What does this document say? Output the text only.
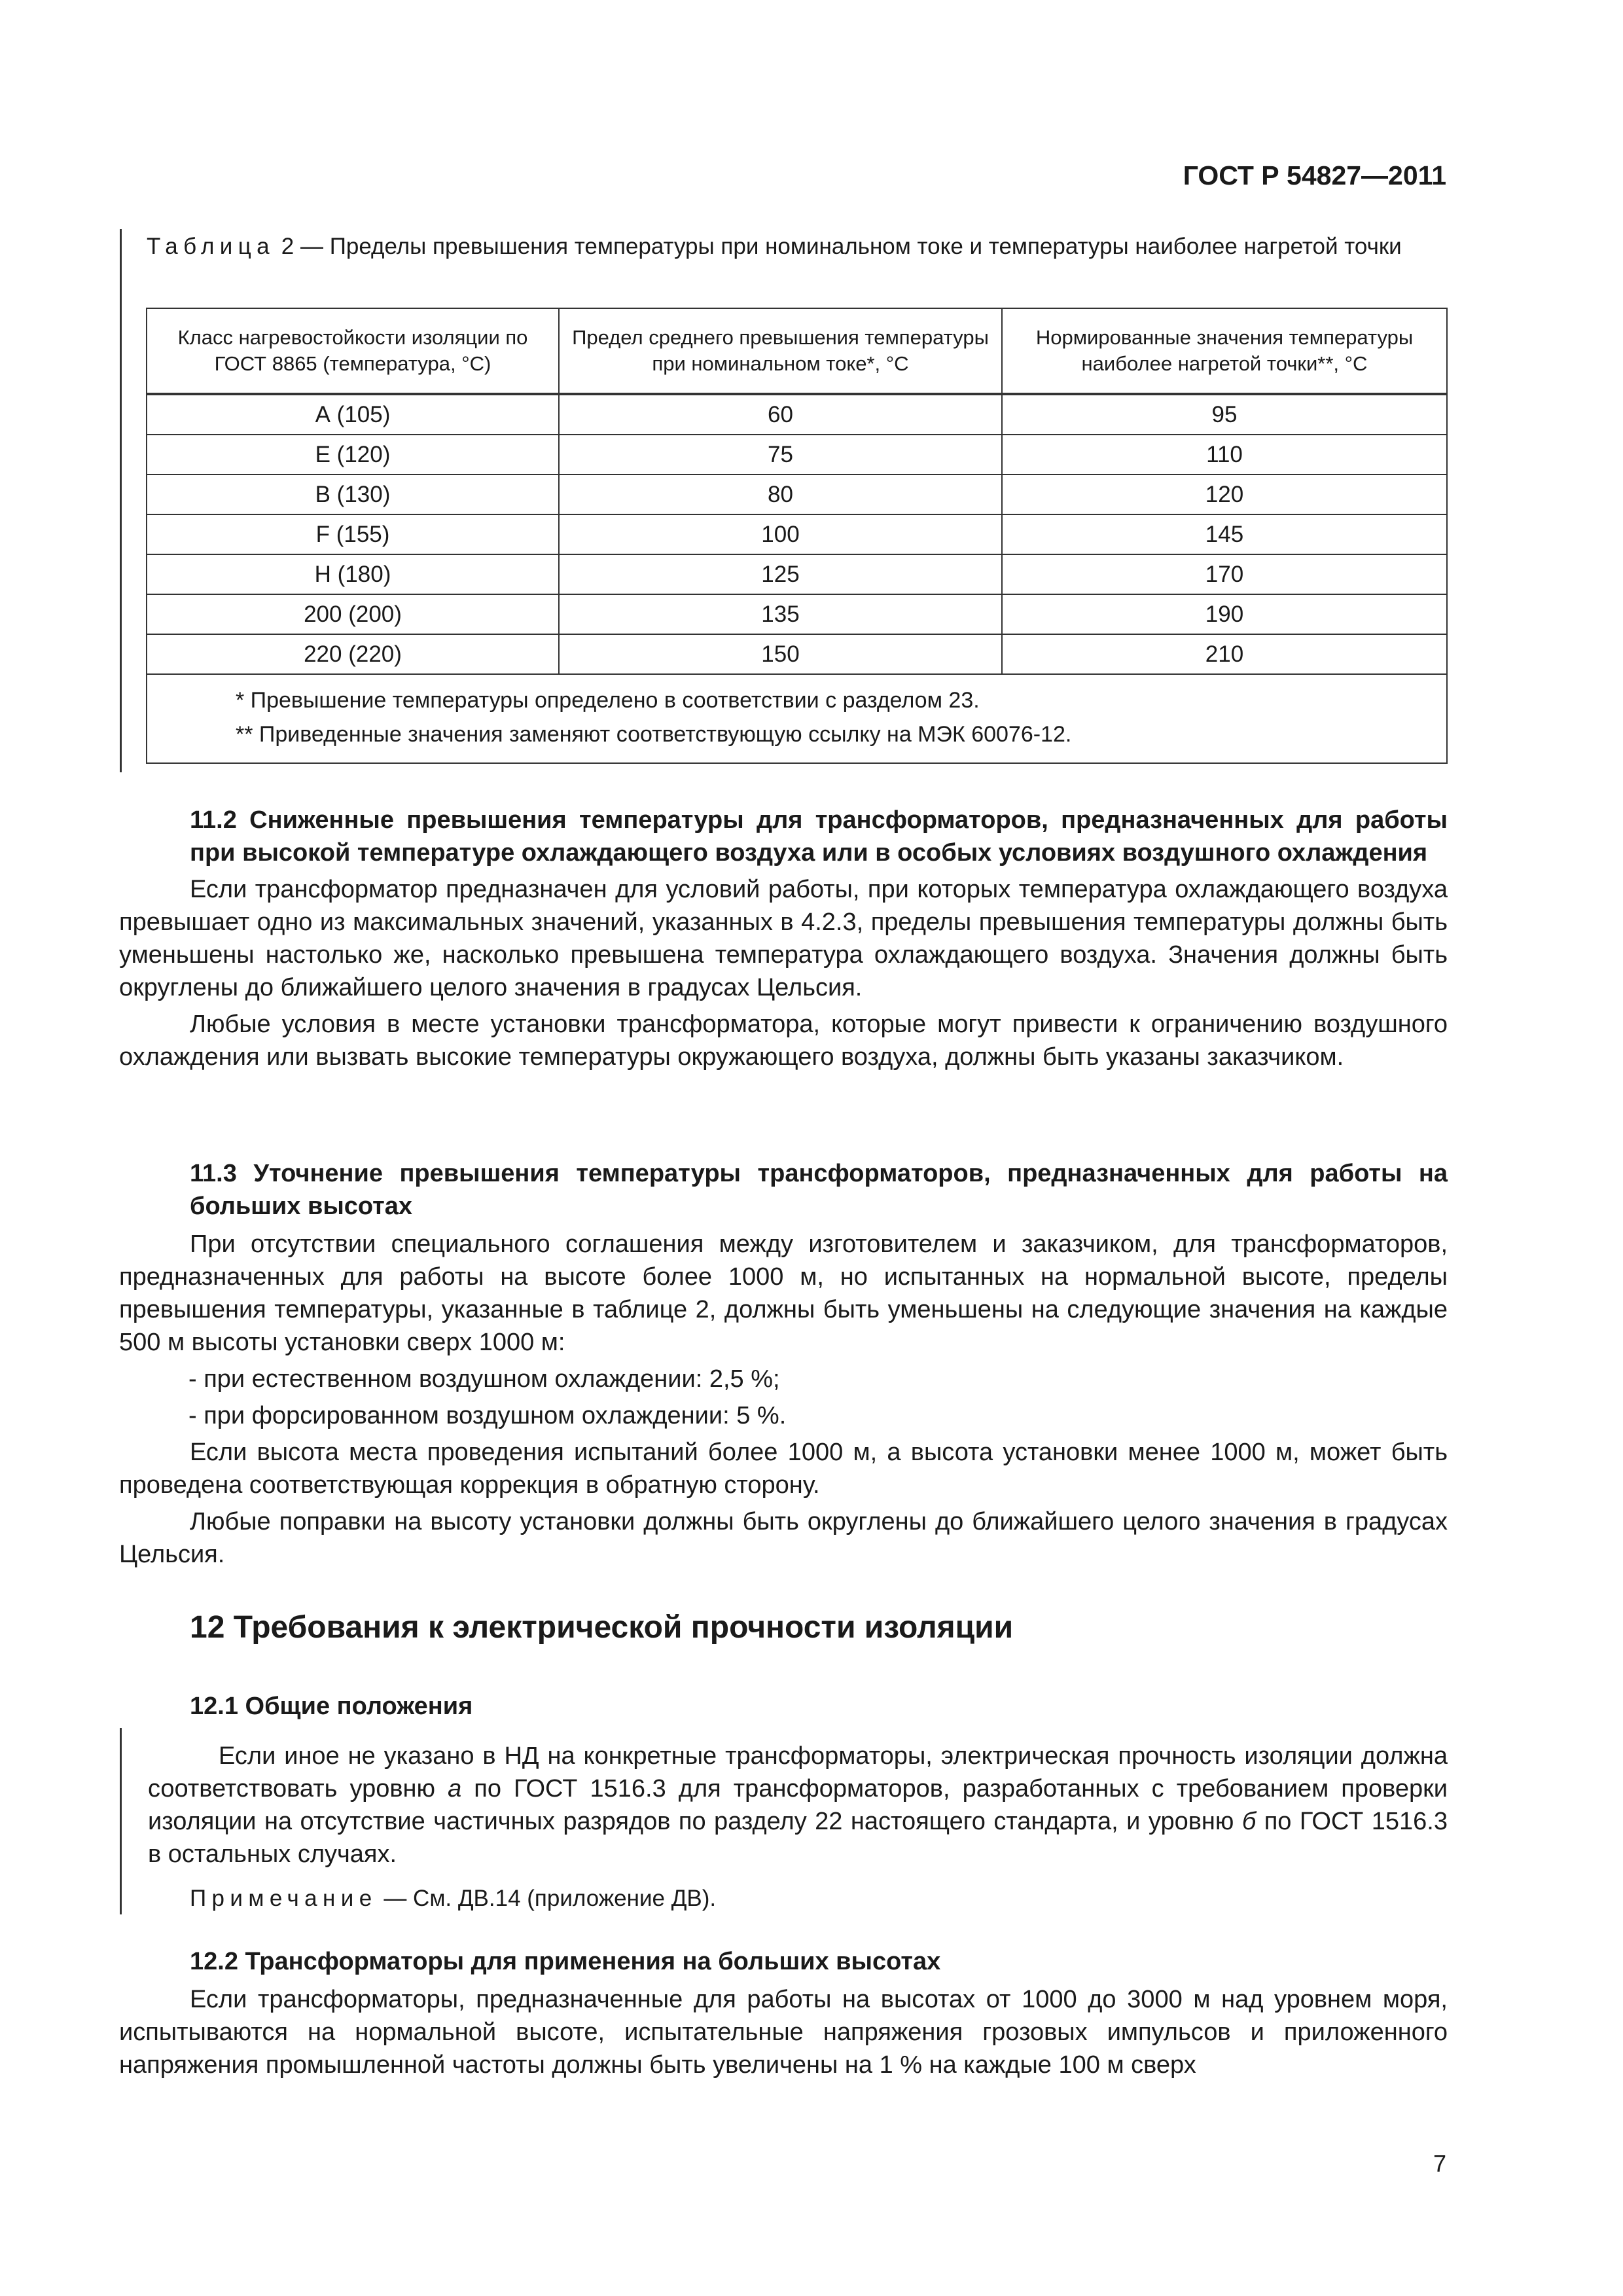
ГОСТ Р 54827—2011
Таблица 2 — Пределы превышения температуры при номинальном токе и температуры наиболее нагретой точки
Класс нагревостойкости изоляции по ГОСТ 8865 (температура, °С)	Предел среднего превышения температуры при номинальном токе*, °С	Нормированные значения температуры наиболее нагретой точки**, °С
А (105)	60	95
Е (120)	75	110
В (130)	80	120
F (155)	100	145
Н (180)	125	170
200 (200)	135	190
220 (220)	150	210

* Превышение температуры определено в соответствии с разделом 23.
** Приведенные значения заменяют соответствующую ссылку на МЭК 60076-12.		
11.2 Сниженные превышения температуры для трансформаторов, предназначенных для работы при высокой температуре охлаждающего воздуха или в особых условиях воздушного охлаждения

Если трансформатор предназначен для условий работы, при которых температура охлаждающего воздуха превышает одно из максимальных значений, указанных в 4.2.3, пределы превышения температуры должны быть уменьшены настолько же, насколько превышена температура охлаждающего воздуха. Значения должны быть округлены до ближайшего целого значения в градусах Цельсия.

Любые условия в месте установки трансформатора, которые могут привести к ограничению воздушного охлаждения или вызвать высокие температуры окружающего воздуха, должны быть указаны заказчиком.

11.3 Уточнение превышения температуры трансформаторов, предназначенных для работы на больших высотах

При отсутствии специального соглашения между изготовителем и заказчиком, для трансформаторов, предназначенных для работы на высоте более 1000 м, но испытанных на нормальной высоте, пределы превышения температуры, указанные в таблице 2, должны быть уменьшены на следующие значения на каждые 500 м высоты установки сверх 1000 м:

- при естественном воздушном охлаждении: 2,5 %;

- при форсированном воздушном охлаждении: 5 %.

Если высота места проведения испытаний более 1000 м, а высота установки менее 1000 м, может быть проведена соответствующая коррекция в обратную сторону.

Любые поправки на высоту установки должны быть округлены до ближайшего целого значения в градусах Цельсия.

12 Требования к электрической прочности изоляции
12.1 Общие положения

Если иное не указано в НД на конкретные трансформаторы, электрическая прочность изоляции должна соответствовать уровню а по ГОСТ 1516.3 для трансформаторов, разработанных с требованием проверки изоляции на отсутствие частичных разрядов по разделу 22 настоящего стандарта, и уровню б по ГОСТ 1516.3 в остальных случаях.

Примечание — См. ДВ.14 (приложение ДВ).

12.2 Трансформаторы для применения на больших высотах

Если трансформаторы, предназначенные для работы на высотах от 1000 до 3000 м над уровнем моря, испытываются на нормальной высоте, испытательные напряжения грозовых импульсов и приложенного напряжения промышленной частоты должны быть увеличены на 1 % на каждые 100 м сверх

7
